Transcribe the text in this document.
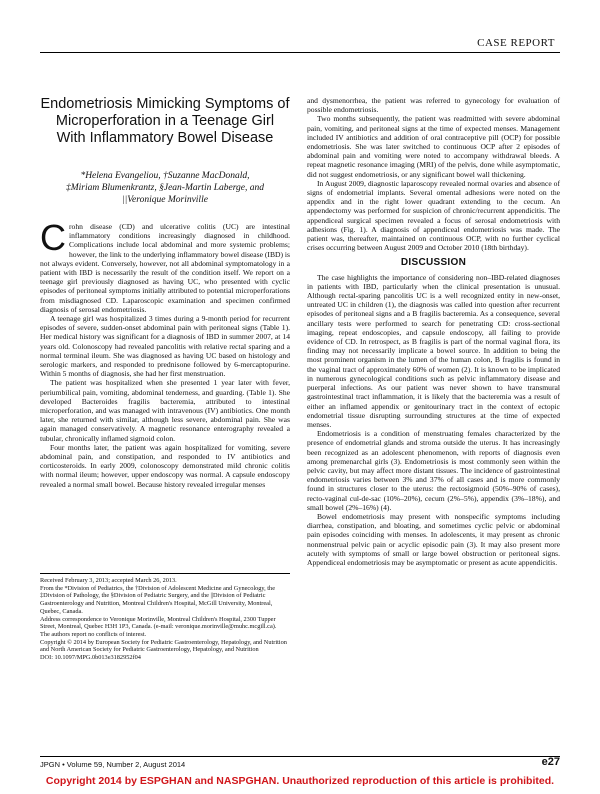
CASE REPORT
Endometriosis Mimicking Symptoms of Microperforation in a Teenage Girl With Inflammatory Bowel Disease
*Helena Evangeliou, †Suzanne MacDonald,
‡Miriam Blumenkrantz, §Jean-Martin Laberge, and
||Veronique Morinville

Crohn disease (CD) and ulcerative colitis (UC) are intestinal inflammatory conditions increasingly diagnosed in childhood. Complications include local abdominal and more systemic problems; however, the link to the underlying inflammatory bowel disease (IBD) is not always evident. Conversely, however, not all abdominal symptomatology in a patient with IBD is necessarily the result of the condition itself. We report on a teenage girl previously diagnosed as having UC, who presented with cyclic episodes of peritoneal symptoms initially attributed to potential microperforations from misdiagnosed CD. Laparoscopic examination and specimen confirmed diagnosis of serosal endometriosis.

A teenage girl was hospitalized 3 times during a 9-month period for recurrent episodes of severe, sudden-onset abdominal pain with peritoneal signs (Table 1). Her medical history was significant for a diagnosis of IBD in summer 2007, at 14 years old. Colonoscopy had revealed pancolitis with relative rectal sparing and a normal terminal ileum. She was diagnosed as having UC based on histology and serologic markers, and responded to prednisone followed by 6-mercaptopurine. Within 5 months of diagnosis, she had her first menstruation.

The patient was hospitalized when she presented 1 year later with fever, periumbilical pain, vomiting, abdominal tenderness, and guarding. (Table 1). She developed Bacteroides fragilis bacteremia, attributed to intestinal microperforation, and was managed with intravenous (IV) antibiotics. One month later, she returned with similar, although less severe, abdominal pain. She was again managed conservatively. A magnetic resonance enterography revealed a tubular, chronically inflamed sigmoid colon.

Four months later, the patient was again hospitalized for vomiting, severe abdominal pain, and constipation, and responded to IV antibiotics and corticosteroids. In early 2009, colonoscopy demonstrated mild chronic colitis with normal ileum; however, upper endoscopy was normal. A capsule endoscopy revealed a normal small bowel. Because history revealed irregular menses

Received February 3, 2013; accepted March 26, 2013.
From the *Division of Pediatrics, the †Division of Adolescent Medicine and Gynecology, the ‡Division of Pathology, the §Division of Pediatric Surgery, and the ||Division of Pediatric Gastroenterology and Nutrition, Montreal Children's Hospital, McGill University, Montreal, Quebec, Canada.
Address correspondence to Veronique Morinville, Montreal Children's Hospital, 2300 Tupper Street, Montreal, Quebec H3H 1P3, Canada. (e-mail: veronique.morinville@muhc.mcgill.ca).
The authors report no conflicts of interest.
Copyright © 2014 by European Society for Pediatric Gastroenterology, Hepatology, and Nutrition and North American Society for Pediatric Gastroenterology, Hepatology, and Nutrition
DOI: 10.1097/MPG.0b013e3182952f04

and dysmenorrhea, the patient was referred to gynecology for evaluation of possible endometriosis.

Two months subsequently, the patient was readmitted with severe abdominal pain, vomiting, and peritoneal signs at the time of expected menses. Management included IV antibiotics and addition of oral contraceptive pill (OCP) for possible endometriosis. She was later switched to continuous OCP after 2 episodes of abdominal pain and vomiting were noted to accompany withdrawal bleeds. A repeat magnetic resonance imaging (MRI) of the pelvis, done while asymptomatic, did not suggest endometriosis, or any significant bowel wall thickening.

In August 2009, diagnostic laparoscopy revealed normal ovaries and absence of signs of endometrial implants. Several omental adhesions were noted on the appendix and in the right lower quadrant extending to the cecum. An appendectomy was performed for suspicion of chronic/recurrent appendicitis. The appendiceal surgical specimen revealed a focus of serosal endometriosis with adhesions (Fig. 1). A diagnosis of appendiceal endometriosis was made. The patient was, thereafter, maintained on continuous OCP, with no further cyclical crises occurring between August 2009 and October 2010 (18th birthday).

DISCUSSION

The case highlights the importance of considering non–IBD-related diagnoses in patients with IBD, particularly when the clinical presentation is unusual. Although rectal-sparing pancolitis UC is a well recognized entity in new-onset, untreated UC in children (1), the diagnosis was called into question after recurrent episodes of peritoneal signs and a B fragilis bacteremia. As a consequence, several ancillary tests were performed to search for penetrating CD: cross-sectional imaging, repeat endoscopies, and capsule endoscopy, all failing to provide evidence of CD. In retrospect, as B fragilis is part of the normal vaginal flora, its finding may not necessarily implicate a bowel source. In addition to being the most prominent organism in the lumen of the human colon, B fragilis is found in the vaginal tract of approximately 60% of women (2). It is known to be implicated in numerous gynecological conditions such as pelvic inflammatory disease and puerperal infections. As our patient was never shown to have transmural gastrointestinal tract inflammation, it is likely that the bacteremia was a result of either an inflamed appendix or genitourinary tract in the context of ectopic endometrial tissue disrupting surrounding structures at the time of expected menses.

Endometriosis is a condition of menstruating females characterized by the presence of endometrial glands and stroma outside the uterus. It has increasingly been recognized as an adolescent phenomenon, with reports of diagnosis even among premenarchal girls (3). Endometriosis is most commonly seen within the pelvic cavity, but may affect more distant tissues. The incidence of gastrointestinal endometriosis varies between 3% and 37% of all cases and is more commonly found in structures closer to the uterus: the rectosigmoid (50%–90% of cases), recto-vaginal cul-de-sac (10%–20%), cecum (2%–5%), appendix (3%–18%), and small bowel (2%–16%) (4).

Bowel endometriosis may present with nonspecific symptoms including diarrhea, constipation, and bloating, and sometimes cyclic pelvic or abdominal pain episodes coinciding with menses. In adolescents, it may present as chronic nonmenstrual pelvic pain or acyclic episodic pain (3). It may also present more acutely with symptoms of small or large bowel obstruction or peritoneal signs. Appendiceal endometriosis may be asymptomatic or present as acute appendicitis.

JPGN • Volume 59, Number 2, August 2014	e27
Copyright 2014 by ESPGHAN and NASPGHAN. Unauthorized reproduction of this article is prohibited.
